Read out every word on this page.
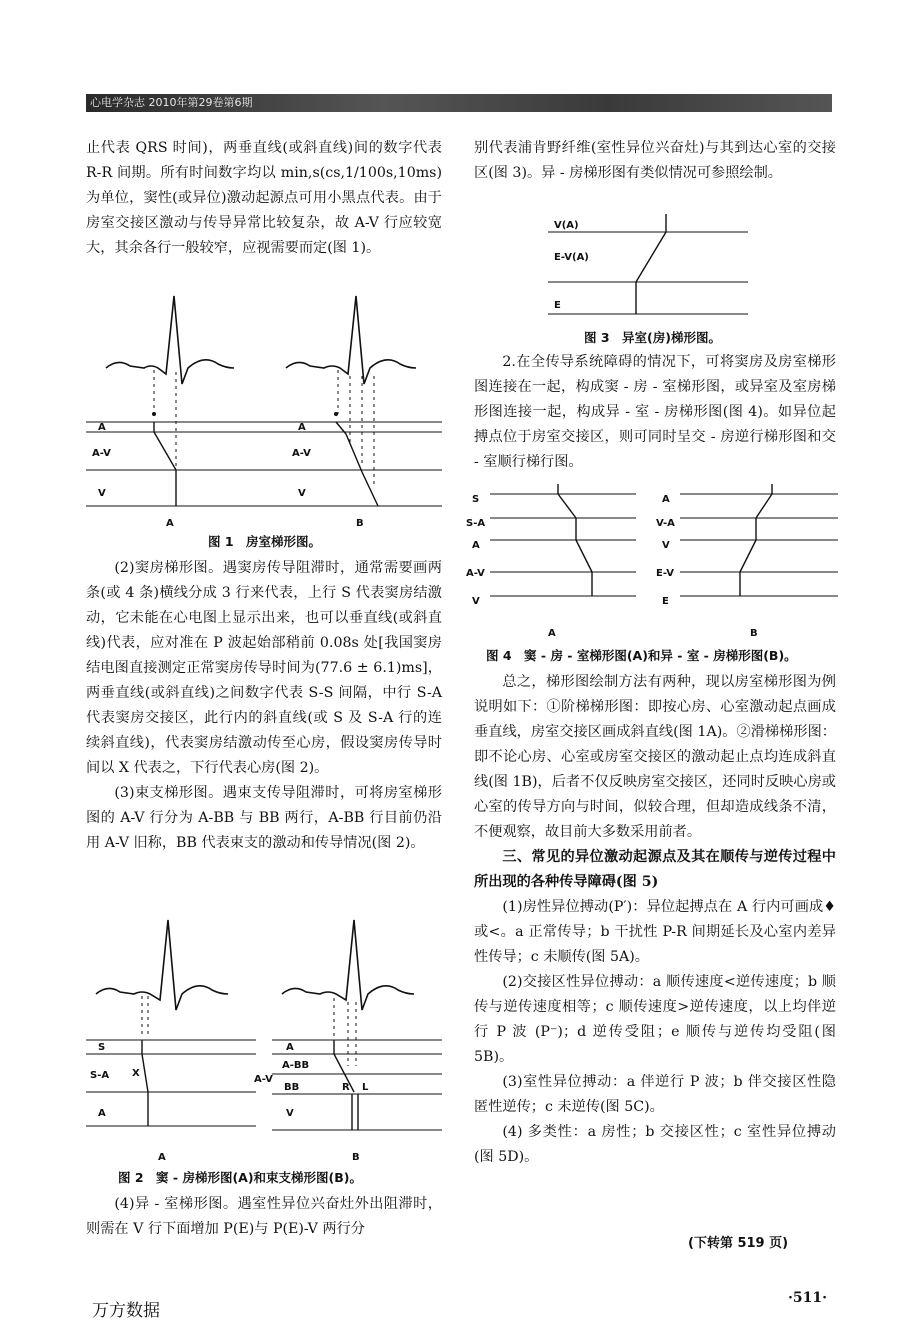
心电学杂志 2010年第29卷第6期

止代表 QRS 时间)，两垂直线(或斜直线)间的数字代表 R-R 间期。所有时间数字均以 min,s(cs,1/100s,10ms)为单位，窦性(或异位)激动起源点可用小黑点代表。由于房室交接区激动与传导异常比较复杂，故 A-V 行应较宽大，其余各行一般较窄，应视需要而定(图 1)。

A
A-V
V
A
A-V
V
A	B
图 1　房室梯形图。

(2)窦房梯形图。遇窦房传导阻滞时，通常需要画两条(或 4 条)横线分成 3 行来代表，上行 S 代表窦房结激动，它未能在心电图上显示出来，也可以垂直线(或斜直线)代表，应对准在 P 波起始部稍前 0.08s 处[我国窦房结电图直接测定正常窦房传导时间为(77.6 ± 6.1)ms]，两垂直线(或斜直线)之间数字代表 S-S 间隔，中行 S-A 代表窦房交接区，此行内的斜直线(或 S 及 S-A 行的连续斜直线)，代表窦房结激动传至心房，假设窦房传导时间以 X 代表之，下行代表心房(图 2)。

(3)束支梯形图。遇束支传导阻滞时，可将房室梯形图的 A-V 行分为 A-BB 与 BB 两行，A-BB 行目前仍沿用 A-V 旧称，BB 代表束支的激动和传导情况(图 2)。

S
S-A
A
X
A
A-V
A-BB
BB
V
R L
A	B
图 2　窦 - 房梯形图(A)和束支梯形图(B)。

(4)异 - 室梯形图。遇室性异位兴奋灶外出阻滞时，则需在 V 行下面增加 P(E)与 P(E)-V 两行分

别代表浦肯野纤维(室性异位兴奋灶)与其到达心室的交接区(图 3)。异 - 房梯形图有类似情况可参照绘制。

V(A)
E-V(A)
E
图 3　异室(房)梯形图。

2.在全传导系统障碍的情况下，可将窦房及房室梯形图连接在一起，构成窦 - 房 - 室梯形图，或异室及室房梯形图连接一起，构成异 - 室 - 房梯形图(图 4)。如异位起搏点位于房室交接区，则可同时呈交 - 房逆行梯形图和交 - 室顺行梯行图。

S
S-A
A
A-V
V
A
V-A
V
E-V
E
A	B
图 4　窦 - 房 - 室梯形图(A)和异 - 室 - 房梯形图(B)。

总之，梯形图绘制方法有两种，现以房室梯形图为例说明如下：①阶梯梯形图：即按心房、心室激动起点画成垂直线，房室交接区画成斜直线(图 1A)。②滑梯梯形图：即不论心房、心室或房室交接区的激动起止点均连成斜直线(图 1B)，后者不仅反映房室交接区，还同时反映心房或心室的传导方向与时间，似较合理，但却造成线条不清，不便观察，故目前大多数采用前者。

三、常见的异位激动起源点及其在顺传与逆传过程中所出现的各种传导障碍(图 5)

(1)房性异位搏动(P′)：异位起搏点在 A 行内可画成♦或<。a 正常传导；b 干扰性 P-R 间期延长及心室内差异性传导；c 未顺传(图 5A)。

(2)交接区性异位搏动：a 顺传速度<逆传速度；b 顺传与逆传速度相等；c 顺传速度>逆传速度，以上均伴逆行 P 波 (P⁻)；d 逆传受阻；e 顺传与逆传均受阻(图 5B)。

(3)室性异位搏动：a 伴逆行 P 波；b 伴交接区性隐匿性逆传；c 未逆传(图 5C)。

(4) 多类性：a 房性；b 交接区性；c 室性异位搏动(图 5D)。

(下转第 519 页)
万方数据
·511·
